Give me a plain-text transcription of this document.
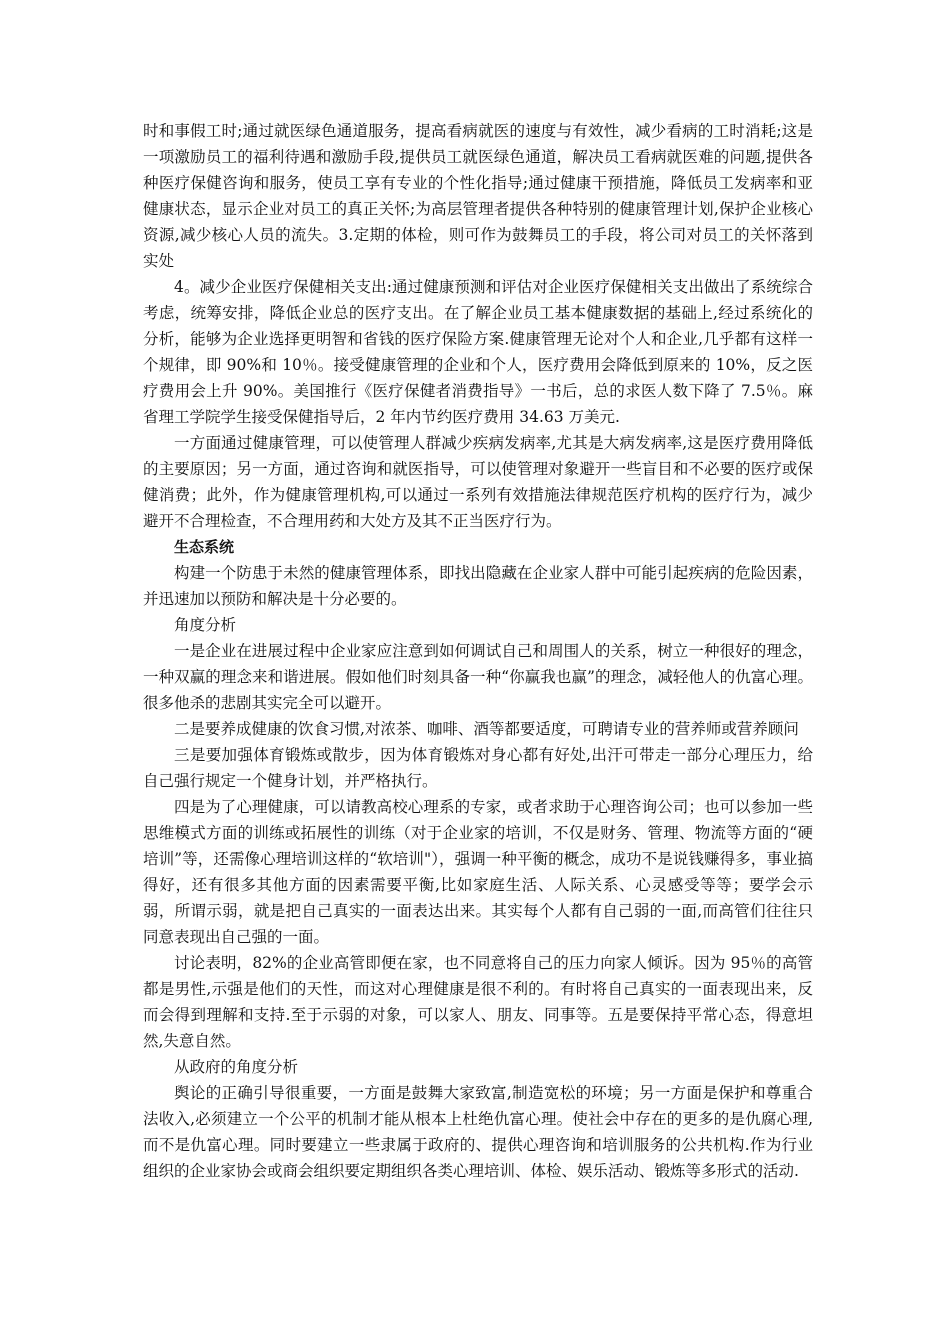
时和事假工时;通过就医绿色通道服务，提高看病就医的速度与有效性，减少看病的工时消耗;这是一项激励员工的福利待遇和激励手段,提供员工就医绿色通道，解决员工看病就医难的问题,提供各种医疗保健咨询和服务，使员工享有专业的个性化指导;通过健康干预措施，降低员工发病率和亚健康状态，显示企业对员工的真正关怀;为高层管理者提供各种特别的健康管理计划,保护企业核心资源,减少核心人员的流失。3.定期的体检，则可作为鼓舞员工的手段，将公司对员工的关怀落到实处

4。减少企业医疗保健相关支出:通过健康预测和评估对企业医疗保健相关支出做出了系统综合考虑，统筹安排，降低企业总的医疗支出。在了解企业员工基本健康数据的基础上,经过系统化的分析，能够为企业选择更明智和省钱的医疗保险方案.健康管理无论对个人和企业,几乎都有这样一个规律，即 90%和 10％。接受健康管理的企业和个人，医疗费用会降低到原来的 10%，反之医疗费用会上升 90%。美国推行《医疗保健者消费指导》一书后，总的求医人数下降了 7.5％。麻省理工学院学生接受保健指导后，2 年内节约医疗费用 34.63 万美元.

一方面通过健康管理，可以使管理人群减少疾病发病率,尤其是大病发病率,这是医疗费用降低的主要原因；另一方面，通过咨询和就医指导，可以使管理对象避开一些盲目和不必要的医疗或保健消费；此外，作为健康管理机构,可以通过一系列有效措施法律规范医疗机构的医疗行为，减少避开不合理检查，不合理用药和大处方及其不正当医疗行为。

生态系统

构建一个防患于未然的健康管理体系，即找出隐藏在企业家人群中可能引起疾病的危险因素，并迅速加以预防和解决是十分必要的。

角度分析

一是企业在进展过程中企业家应注意到如何调试自己和周围人的关系，树立一种很好的理念，一种双赢的理念来和谐进展。假如他们时刻具备一种“你赢我也赢”的理念，减轻他人的仇富心理。很多他杀的悲剧其实完全可以避开。

二是要养成健康的饮食习惯,对浓茶、咖啡、酒等都要适度，可聘请专业的营养师或营养顾问

三是要加强体育锻炼或散步，因为体育锻炼对身心都有好处,出汗可带走一部分心理压力，给自己强行规定一个健身计划，并严格执行。

四是为了心理健康，可以请教高校心理系的专家，或者求助于心理咨询公司；也可以参加一些思维模式方面的训练或拓展性的训练（对于企业家的培训，不仅是财务、管理、物流等方面的“硬培训”等，还需像心理培训这样的“软培训"），强调一种平衡的概念，成功不是说钱赚得多，事业搞得好，还有很多其他方面的因素需要平衡,比如家庭生活、人际关系、心灵感受等等；要学会示弱，所谓示弱，就是把自己真实的一面表达出来。其实每个人都有自己弱的一面,而高管们往往只同意表现出自己强的一面。

讨论表明，82%的企业高管即便在家，也不同意将自己的压力向家人倾诉。因为 95％的高管都是男性,示强是他们的天性，而这对心理健康是很不利的。有时将自己真实的一面表现出来，反而会得到理解和支持.至于示弱的对象，可以家人、朋友、同事等。五是要保持平常心态，得意坦然,失意自然。

从政府的角度分析

舆论的正确引导很重要，一方面是鼓舞大家致富,制造宽松的环境；另一方面是保护和尊重合法收入,必须建立一个公平的机制才能从根本上杜绝仇富心理。使社会中存在的更多的是仇腐心理,而不是仇富心理。同时要建立一些隶属于政府的、提供心理咨询和培训服务的公共机构.作为行业组织的企业家协会或商会组织要定期组织各类心理培训、体检、娱乐活动、锻炼等多形式的活动.
